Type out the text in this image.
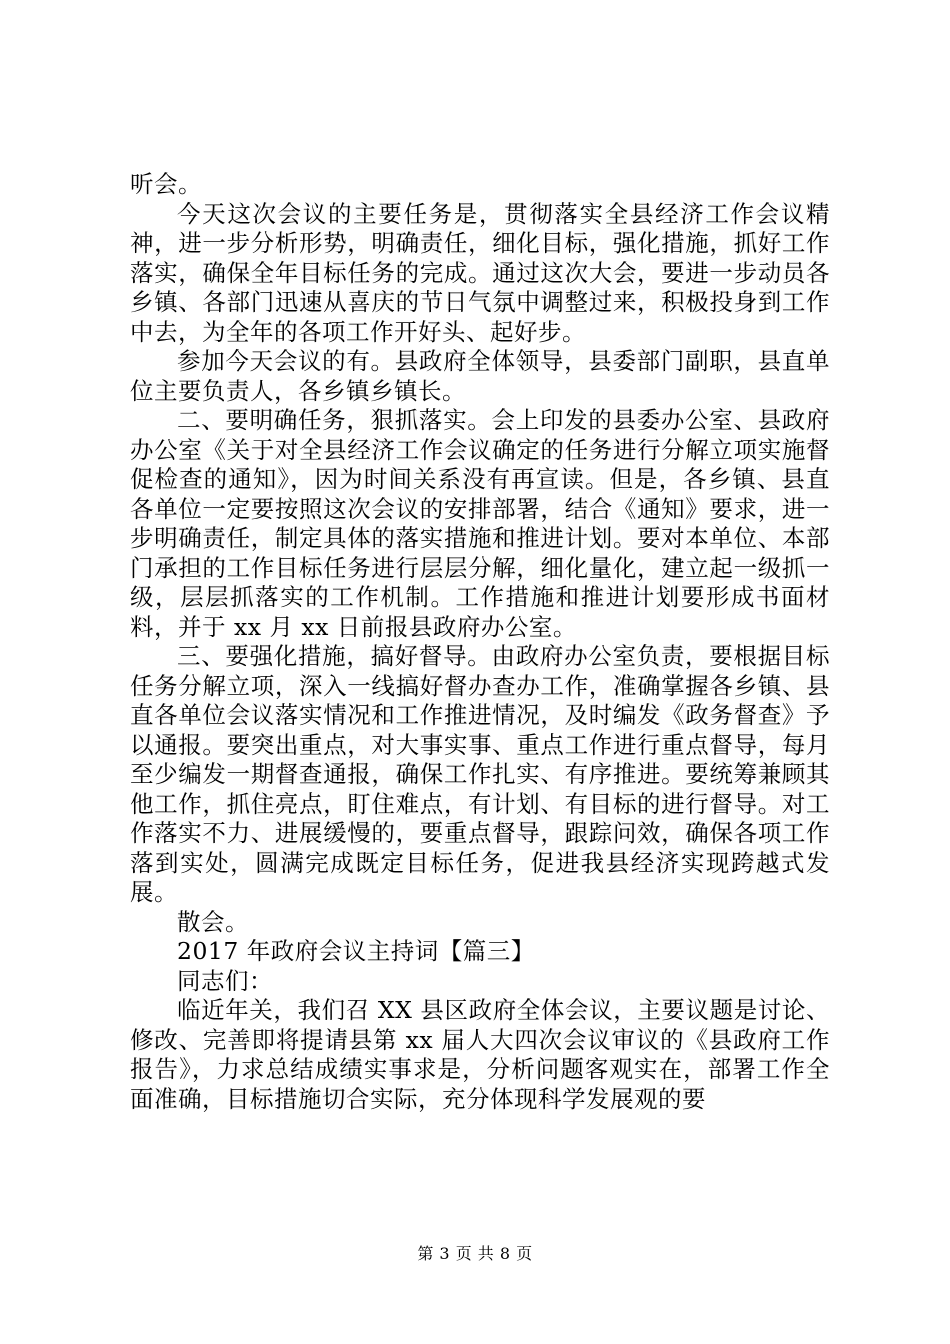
听会。

今天这次会议的主要任务是，贯彻落实全县经济工作会议精神，进一步分析形势，明确责任，细化目标，强化措施，抓好工作落实，确保全年目标任务的完成。通过这次大会，要进一步动员各乡镇、各部门迅速从喜庆的节日气氛中调整过来，积极投身到工作中去，为全年的各项工作开好头、起好步。

参加今天会议的有。县政府全体领导，县委部门副职，县直单位主要负责人，各乡镇乡镇长。

二、要明确任务，狠抓落实。会上印发的县委办公室、县政府办公室《关于对全县经济工作会议确定的任务进行分解立项实施督促检查的通知》，因为时间关系没有再宣读。但是，各乡镇、县直各单位一定要按照这次会议的安排部署，结合《通知》要求，进一步明确责任，制定具体的落实措施和推进计划。要对本单位、本部门承担的工作目标任务进行层层分解，细化量化，建立起一级抓一级，层层抓落实的工作机制。工作措施和推进计划要形成书面材料，并于 xx 月 xx 日前报县政府办公室。

三、要强化措施，搞好督导。由政府办公室负责，要根据目标任务分解立项，深入一线搞好督办查办工作，准确掌握各乡镇、县直各单位会议落实情况和工作推进情况，及时编发《政务督查》予以通报。要突出重点，对大事实事、重点工作进行重点督导，每月至少编发一期督查通报，确保工作扎实、有序推进。要统筹兼顾其他工作，抓住亮点，盯住难点，有计划、有目标的进行督导。对工作落实不力、进展缓慢的，要重点督导，跟踪问效，确保各项工作落到实处，圆满完成既定目标任务，促进我县经济实现跨越式发展。

散会。

2017 年政府会议主持词【篇三】

同志们：

临近年关，我们召 XX 县区政府全体会议，主要议题是讨论、修改、完善即将提请县第 xx 届人大四次会议审议的《县政府工作报告》，力求总结成绩实事求是，分析问题客观实在，部署工作全面准确，目标措施切合实际，充分体现科学发展观的要

第 3 页 共 8 页
